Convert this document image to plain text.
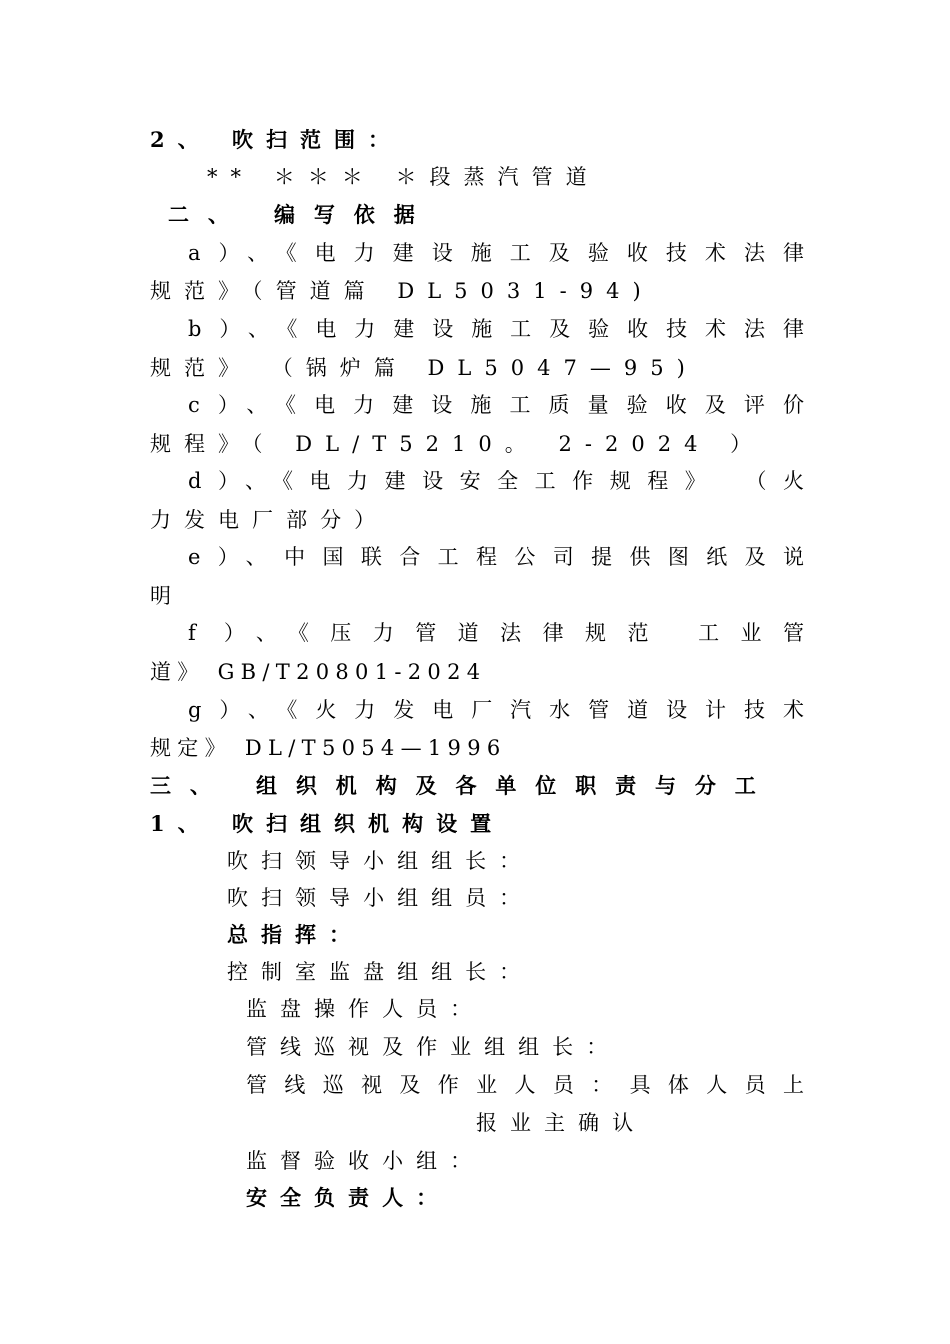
2、 吹扫范围：
** ＊＊＊ ＊段蒸汽管道
二、 编写依据
a）、《电力建设施工及验收技术法律
规范》（管道篇 DL5031-94)
b）、《电力建设施工及验收技术法律
规范》 （锅炉篇 DL5047—95)
c）、《电力建设施工质量验收及评价
规程》（ DL/T5210。 2-2024 ）
d）、《电力建设安全工作规程》 （火
力发电厂部分）
e）、中国联合工程公司提供图纸及说
明
f ）、《压力管道法律规范 工业管
道》 GB/T20801-2024
g）、《火力发电厂汽水管道设计技术
规定》 DL/T5054—1996
三、 组织机构及各单位职责与分工
1、 吹扫组织机构设置
吹扫领导小组组长：
吹扫领导小组组员：
总指挥：
控制室监盘组组长：
监盘操作人员：
管线巡视及作业组组长：
管线巡视及作业人员：具体人员上
报业主确认
监督验收小组：
安全负责人：
